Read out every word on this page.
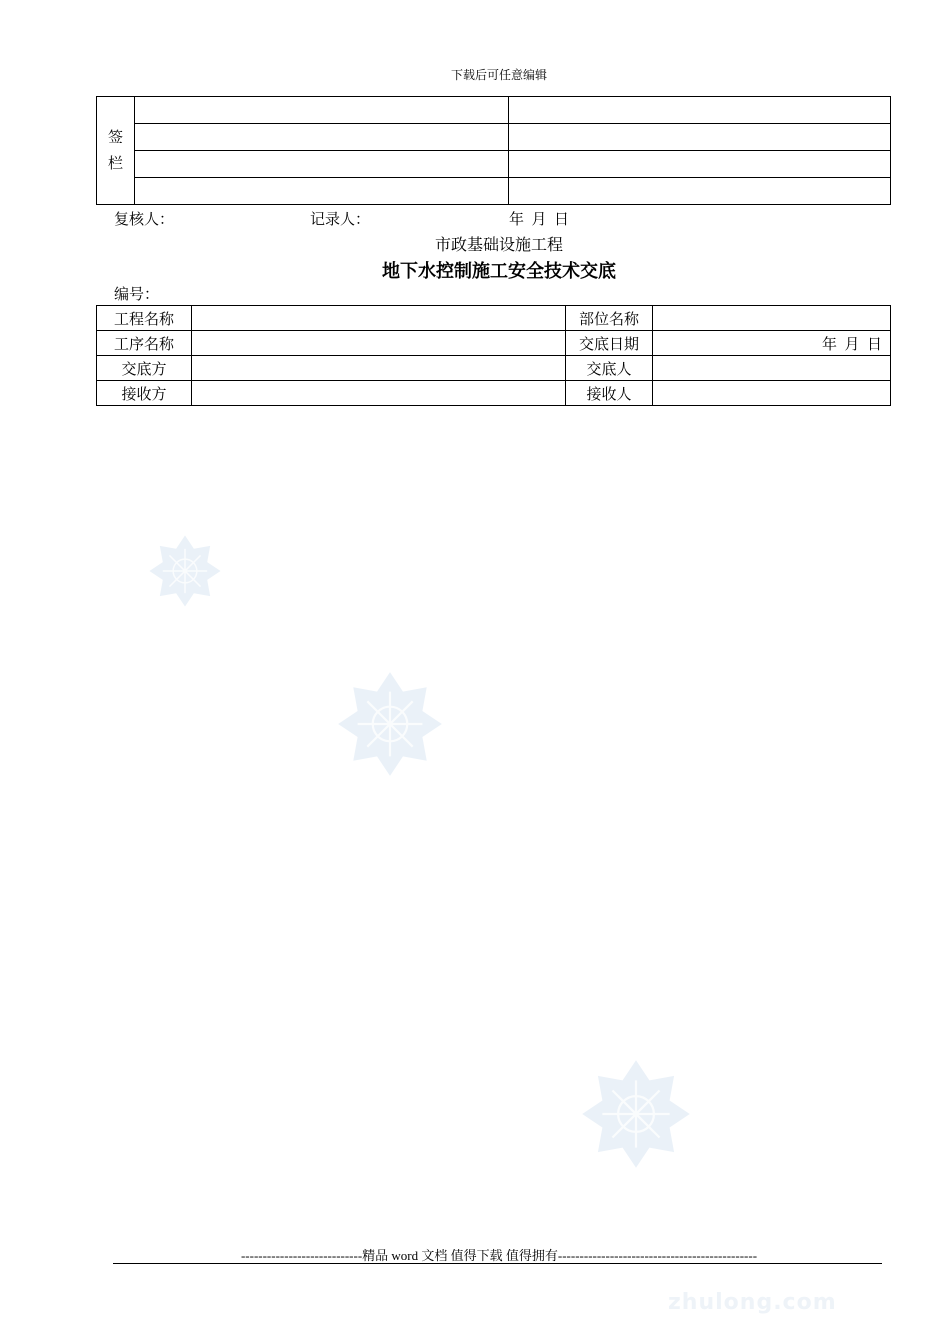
下载后可任意编辑
签
栏		

复核人：	记录人：	年  月  日
市政基础设施工程
地下水控制施工安全技术交底
编号：
工程名称		部位名称	
工序名称		交底日期	年  月  日
交底方		交底人	
接收方		接收人	
----------------------------精品 word 文档 值得下载 值得拥有----------------------------------------------
zhulong.com
